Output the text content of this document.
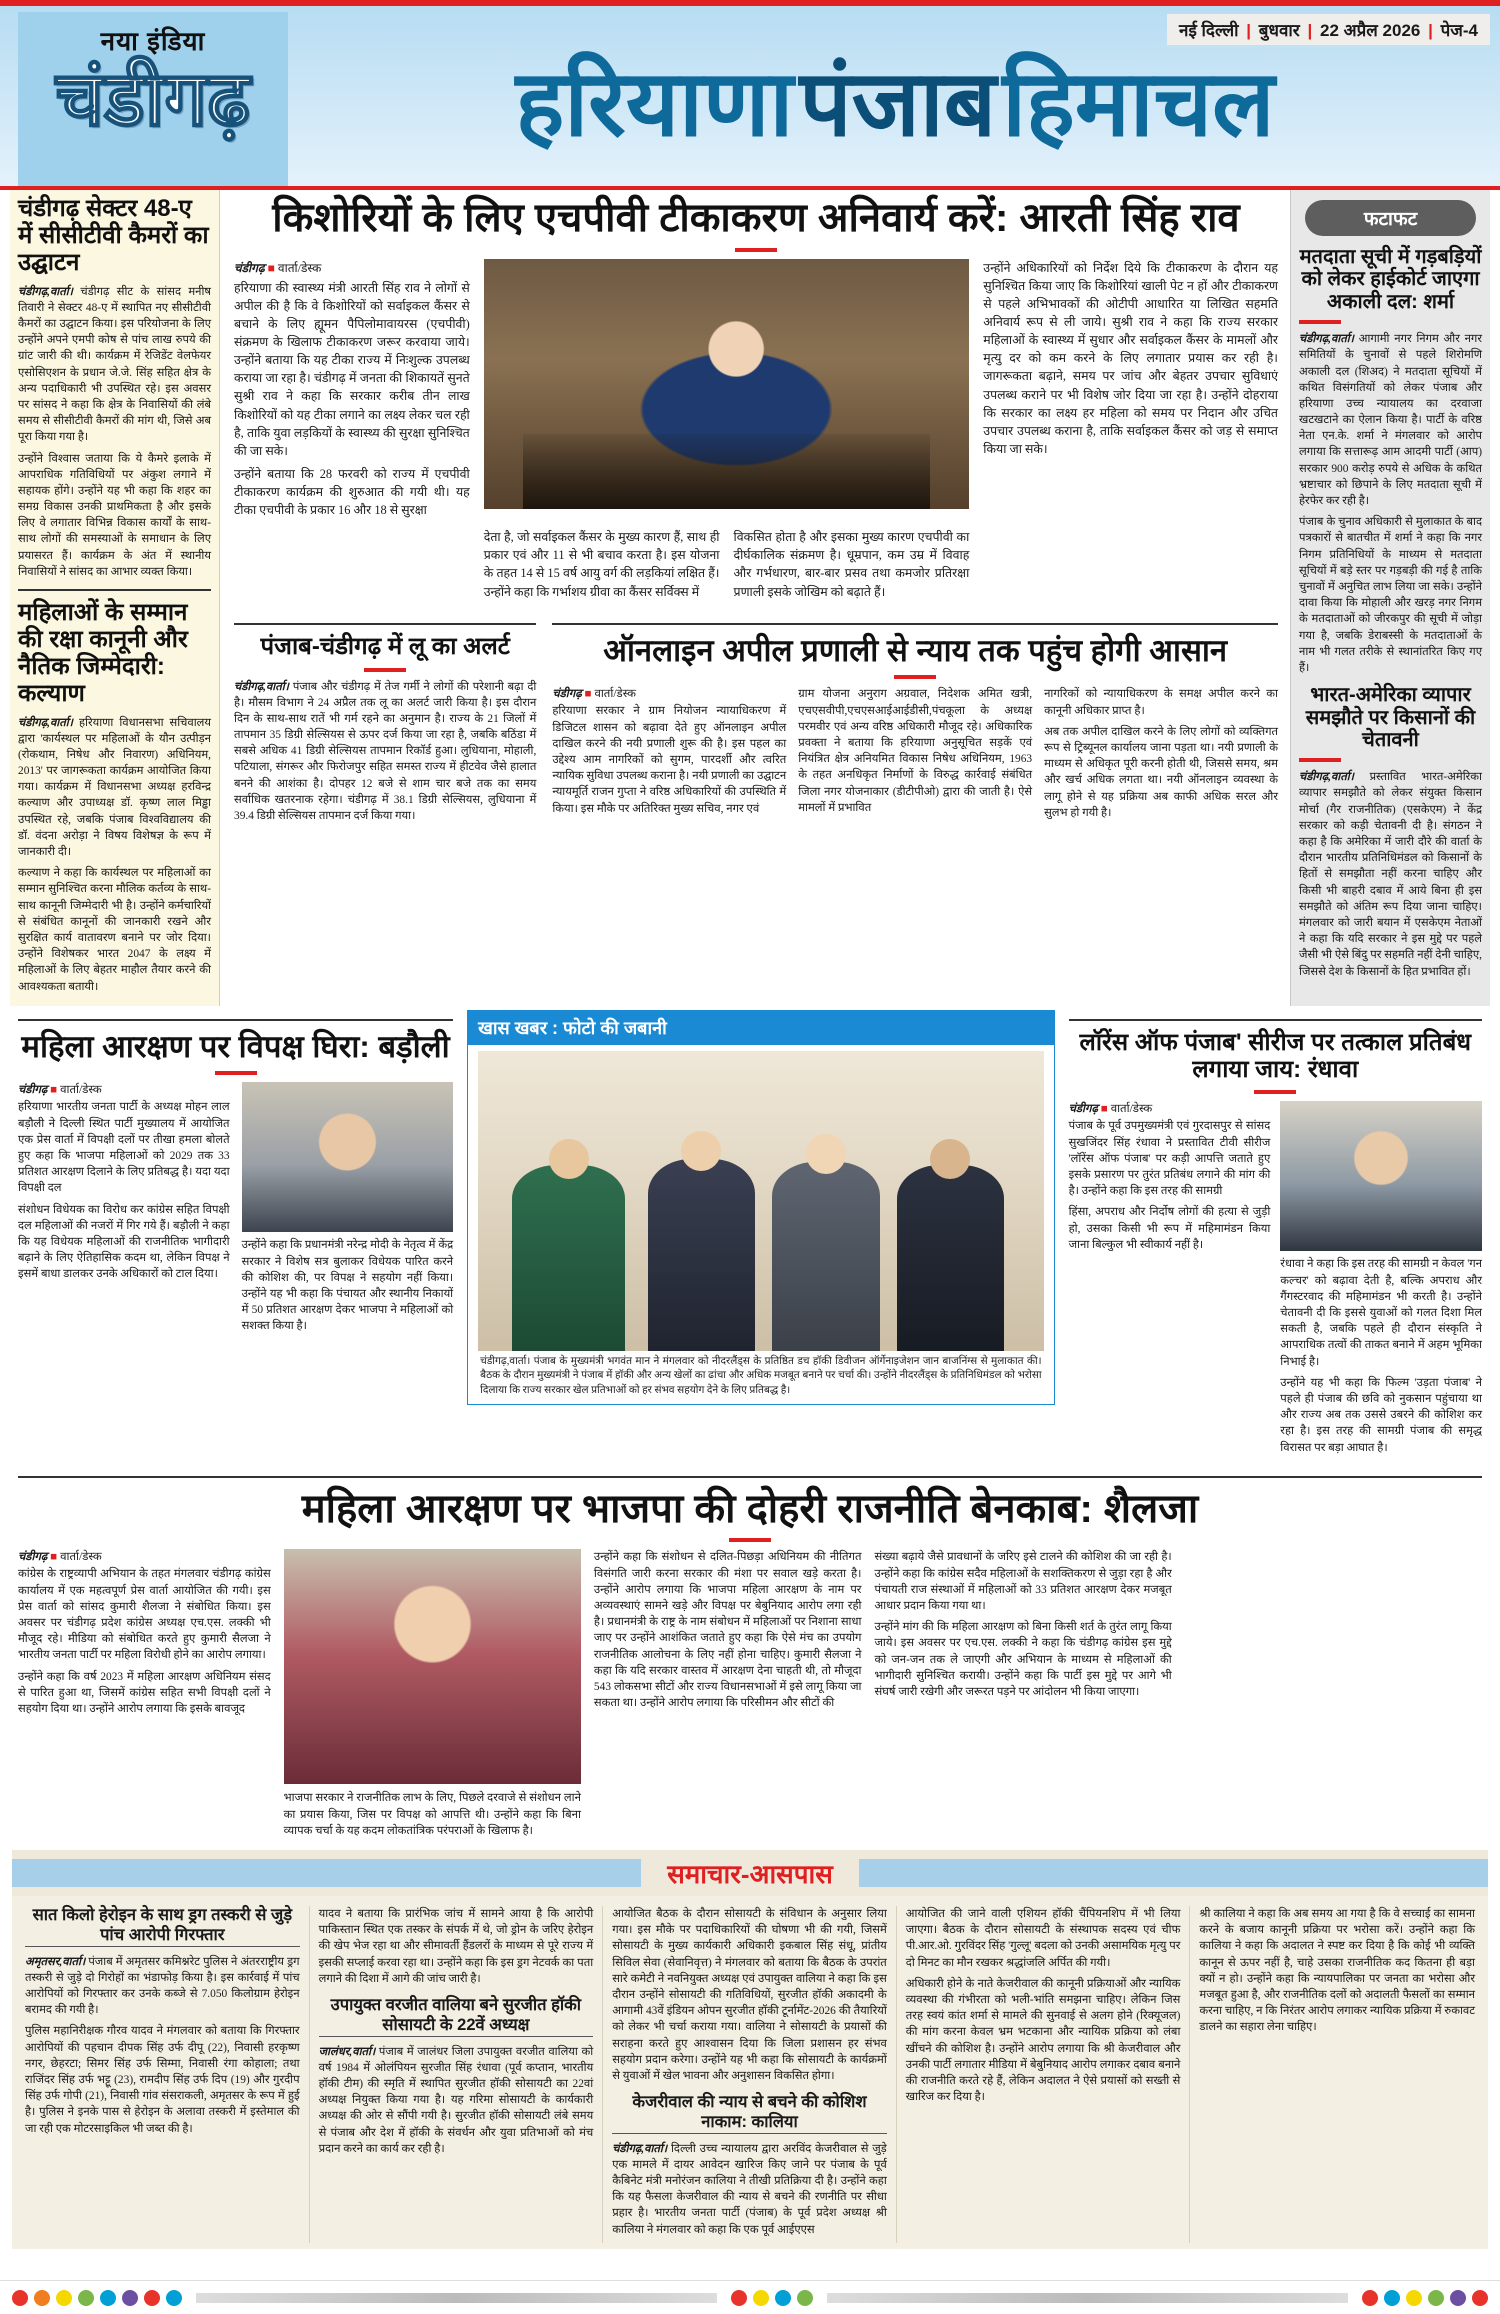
नई दिल्ली | बुधवार | 22 अप्रैल 2026 | पेज-4
नया इंडिया
चंडीगढ़	हरियाणा पंजाब हिमाचल
चंडीगढ़ सेक्टर 48-ए में सीसीटीवी कैमरों का उद्घाटन

चंडीगढ़,वार्ता। चंडीगढ़ सीट के सांसद मनीष तिवारी ने सेक्टर 48-ए में स्थापित नए सीसीटीवी कैमरों का उद्घाटन किया। इस परियोजना के लिए उन्होंने अपने एमपी कोष से पांच लाख रुपये की ग्रांट जारी की थी। कार्यक्रम में रेजिडेंट वेलफेयर एसोसिएशन के प्रधान जे.जे. सिंह सहित क्षेत्र के अन्य पदाधिकारी भी उपस्थित रहे। इस अवसर पर सांसद ने कहा कि क्षेत्र के निवासियों की लंबे समय से सीसीटीवी कैमरों की मांग थी, जिसे अब पूरा किया गया है।

उन्होंने विश्वास जताया कि ये कैमरे इलाके में आपराधिक गतिविधियों पर अंकुश लगाने में सहायक होंगे। उन्होंने यह भी कहा कि शहर का समग्र विकास उनकी प्राथमिकता है और इसके लिए वे लगातार विभिन्न विकास कार्यों के साथ-साथ लोगों की समस्याओं के समाधान के लिए प्रयासरत हैं। कार्यक्रम के अंत में स्थानीय निवासियों ने सांसद का आभार व्यक्त किया।

महिलाओं के सम्मान की रक्षा कानूनी और नैतिक जिम्मेदारी: कल्याण

चंडीगढ़,वार्ता। हरियाणा विधानसभा सचिवालय द्वारा 'कार्यस्थल पर महिलाओं के यौन उत्पीड़न (रोकथाम, निषेध और निवारण) अधिनियम, 2013' पर जागरूकता कार्यक्रम आयोजित किया गया। कार्यक्रम में विधानसभा अध्यक्ष हरविन्द्र कल्याण और उपाध्यक्ष डॉ. कृष्ण लाल मिड्ढा उपस्थित रहे, जबकि पंजाब विश्वविद्यालय की डॉ. वंदना अरोड़ा ने विषय विशेषज्ञ के रूप में जानकारी दी।

कल्याण ने कहा कि कार्यस्थल पर महिलाओं का सम्मान सुनिश्चित करना मौलिक कर्तव्य के साथ-साथ कानूनी जिम्मेदारी भी है। उन्होंने कर्मचारियों से संबंधित कानूनों की जानकारी रखने और सुरक्षित कार्य वातावरण बनाने पर जोर दिया। उन्होंने विशेषकर भारत 2047 के लक्ष्य में महिलाओं के लिए बेहतर माहौल तैयार करने की आवश्यकता बतायी।

किशोरियों के लिए एचपीवी टीकाकरण अनिवार्य करें: आरती सिंह राव
चंडीगढ़ ■ वार्ता/डेस्क

हरियाणा की स्वास्थ्य मंत्री आरती सिंह राव ने लोगों से अपील की है कि वे किशोरियों को सर्वाइकल कैंसर से बचाने के लिए ह्यूमन पैपिलोमावायरस (एचपीवी) संक्रमण के खिलाफ टीकाकरण जरूर करवाया जाये। उन्होंने बताया कि यह टीका राज्य में निःशुल्क उपलब्ध कराया जा रहा है। चंडीगढ़ में जनता की शिकायतें सुनते सुश्री राव ने कहा कि सरकार करीब तीन लाख किशोरियों को यह टीका लगाने का लक्ष्य लेकर चल रही है, ताकि युवा लड़कियों के स्वास्थ्य की सुरक्षा सुनिश्चित की जा सके।

उन्होंने बताया कि 28 फरवरी को राज्य में एचपीवी टीकाकरण कार्यक्रम की शुरुआत की गयी थी। यह टीका एचपीवी के प्रकार 16 और 18 से सुरक्षा

उन्होंने अधिकारियों को निर्देश दिये कि टीकाकरण के दौरान यह सुनिश्चित किया जाए कि किशोरियां खाली पेट न हों और टीकाकरण से पहले अभिभावकों की ओटीपी आधारित या लिखित सहमति अनिवार्य रूप से ली जाये। सुश्री राव ने कहा कि राज्य सरकार महिलाओं के स्वास्थ्य में सुधार और सर्वाइकल कैंसर के मामलों और मृत्यु दर को कम करने के लिए लगातार प्रयास कर रही है। जागरूकता बढ़ाने, समय पर जांच और बेहतर उपचार सुविधाएं उपलब्ध कराने पर भी विशेष जोर दिया जा रहा है। उन्होंने दोहराया कि सरकार का लक्ष्य हर महिला को समय पर निदान और उचित उपचार उपलब्ध कराना है, ताकि सर्वाइकल कैंसर को जड़ से समाप्त किया जा सके।

देता है, जो सर्वाइकल कैंसर के मुख्य कारण हैं, साथ ही प्रकार एवं और 11 से भी बचाव करता है। इस योजना के तहत 14 से 15 वर्ष आयु वर्ग की लड़कियां लक्षित हैं। उन्होंने कहा कि गर्भाशय ग्रीवा का कैंसर सर्विक्स में

विकसित होता है और इसका मुख्य कारण एचपीवी का दीर्घकालिक संक्रमण है। धूम्रपान, कम उम्र में विवाह और गर्भधारण, बार-बार प्रसव तथा कमजोर प्रतिरक्षा प्रणाली इसके जोखिम को बढ़ाते हैं।

पंजाब-चंडीगढ़ में लू का अलर्ट

चंडीगढ़,वार्ता। पंजाब और चंडीगढ़ में तेज गर्मी ने लोगों की परेशानी बढ़ा दी है। मौसम विभाग ने 24 अप्रैल तक लू का अलर्ट जारी किया है। इस दौरान दिन के साथ-साथ रातें भी गर्म रहने का अनुमान है। राज्य के 21 जिलों में तापमान 35 डिग्री सेल्सियस से ऊपर दर्ज किया जा रहा है, जबकि बठिंडा में सबसे अधिक 41 डिग्री सेल्सियस तापमान रिकॉर्ड हुआ। लुधियाना, मोहाली, पटियाला, संगरूर और फिरोजपुर सहित समस्त राज्य में हीटवेव जैसे हालात बनने की आशंका है। दोपहर 12 बजे से शाम चार बजे तक का समय सर्वाधिक खतरनाक रहेगा। चंडीगढ़ में 38.1 डिग्री सेल्सियस, लुधियाना में 39.4 डिग्री सेल्सियस तापमान दर्ज किया गया।

ऑनलाइन अपील प्रणाली से न्याय तक पहुंच होगी आसान
चंडीगढ़ ■ वार्ता/डेस्क

हरियाणा सरकार ने ग्राम नियोजन न्यायाधिकरण में डिजिटल शासन को बढ़ावा देते हुए ऑनलाइन अपील दाखिल करने की नयी प्रणाली शुरू की है। इस पहल का उद्देश्य आम नागरिकों को सुगम, पारदर्शी और त्वरित न्यायिक सुविधा उपलब्ध कराना है। नयी प्रणाली का उद्घाटन न्यायमूर्ति राजन गुप्ता ने वरिष्ठ अधिकारियों की उपस्थिति में किया। इस मौके पर अतिरिक्त मुख्य सचिव, नगर एवं

ग्राम योजना अनुराग अग्रवाल, निदेशक अमित खत्री, एचएसवीपी,एचएसआईआईडीसी,पंचकूला के अध्यक्ष परमवीर एवं अन्य वरिष्ठ अधिकारी मौजूद रहे। अधिकारिक प्रवक्ता ने बताया कि हरियाणा अनुसूचित सड़कें एवं नियंत्रित क्षेत्र अनियमित विकास निषेध अधिनियम, 1963 के तहत अनधिकृत निर्माणों के विरुद्ध कार्रवाई संबंधित जिला नगर योजनाकार (डीटीपीओ) द्वारा की जाती है। ऐसे मामलों में प्रभावित

नागरिकों को न्यायाधिकरण के समक्ष अपील करने का कानूनी अधिकार प्राप्त है।

अब तक अपील दाखिल करने के लिए लोगों को व्यक्तिगत रूप से ट्रिब्यूनल कार्यालय जाना पड़ता था। नयी प्रणाली के माध्यम से अधिकृत पूरी करनी होती थी, जिससे समय, श्रम और खर्च अधिक लगता था। नयी ऑनलाइन व्यवस्था के लागू होने से यह प्रक्रिया अब काफी अधिक सरल और सुलभ हो गयी है।

फटाफट
मतदाता सूची में गड़बड़ियों को लेकर हाईकोर्ट जाएगा अकाली दल: शर्मा

चंडीगढ़,वार्ता। आगामी नगर निगम और नगर समितियों के चुनावों से पहले शिरोमणि अकाली दल (शिअद) ने मतदाता सूचियों में कथित विसंगतियों को लेकर पंजाब और हरियाणा उच्च न्यायालय का दरवाजा खटखटाने का ऐलान किया है। पार्टी के वरिष्ठ नेता एन.के. शर्मा ने मंगलवार को आरोप लगाया कि सत्तारूढ़ आम आदमी पार्टी (आप) सरकार 900 करोड़ रुपये से अधिक के कथित भ्रष्टाचार को छिपाने के लिए मतदाता सूची में हेरफेर कर रही है।

पंजाब के चुनाव अधिकारी से मुलाकात के बाद पत्रकारों से बातचीत में शर्मा ने कहा कि नगर निगम प्रतिनिधियों के माध्यम से मतदाता सूचियों में बड़े स्तर पर गड़बड़ी की गई है ताकि चुनावों में अनुचित लाभ लिया जा सके। उन्होंने दावा किया कि मोहाली और खरड़ नगर निगम के मतदाताओं को जीरकपुर की सूची में जोड़ा गया है, जबकि डेराबस्सी के मतदाताओं के नाम भी गलत तरीके से स्थानांतरित किए गए हैं।

भारत-अमेरिका व्यापार समझौते पर किसानों की चेतावनी

चंडीगढ़,वार्ता। प्रस्तावित भारत-अमेरिका व्यापार समझौते को लेकर संयुक्त किसान मोर्चा (गैर राजनीतिक) (एसकेएम) ने केंद्र सरकार को कड़ी चेतावनी दी है। संगठन ने कहा है कि अमेरिका में जारी दौरे की वार्ता के दौरान भारतीय प्रतिनिधिमंडल को किसानों के हितों से समझौता नहीं करना चाहिए और किसी भी बाहरी दबाव में आये बिना ही इस समझौते को अंतिम रूप दिया जाना चाहिए। मंगलवार को जारी बयान में एसकेएम नेताओं ने कहा कि यदि सरकार ने इस मुद्दे पर पहले जैसी भी ऐसे बिंदु पर सहमति नहीं देनी चाहिए, जिससे देश के किसानों के हित प्रभावित हों।

महिला आरक्षण पर विपक्ष घिरा: बड़ौली
चंडीगढ़ ■ वार्ता/डेस्क

हरियाणा भारतीय जनता पार्टी के अध्यक्ष मोहन लाल बड़ौली ने दिल्ली स्थित पार्टी मुख्यालय में आयोजित एक प्रेस वार्ता में विपक्षी दलों पर तीखा हमला बोलते हुए कहा कि भाजपा महिलाओं को 2029 तक 33 प्रतिशत आरक्षण दिलाने के लिए प्रतिबद्ध है। यदा यदा विपक्षी दल

संशोधन विधेयक का विरोध कर कांग्रेस सहित विपक्षी दल महिलाओं की नजरों में गिर गये हैं। बड़ौली ने कहा कि यह विधेयक महिलाओं की राजनीतिक भागीदारी बढ़ाने के लिए ऐतिहासिक कदम था, लेकिन विपक्ष ने इसमें बाधा डालकर उनके अधिकारों को टाल दिया।

उन्होंने कहा कि प्रधानमंत्री नरेन्द्र मोदी के नेतृत्व में केंद्र सरकार ने विशेष सत्र बुलाकर विधेयक पारित करने की कोशिश की, पर विपक्ष ने सहयोग नहीं किया। उन्होंने यह भी कहा कि पंचायत और स्थानीय निकायों में 50 प्रतिशत आरक्षण देकर भाजपा ने महिलाओं को सशक्त किया है।

खास खबर : फोटो की जबानी

चंडीगढ़,वार्ता। पंजाब के मुख्यमंत्री भगवंत मान ने मंगलवार को नीदरलैंड्स के प्रतिष्ठित डच हॉकी डिवीजन ऑर्गेनाइजेशन जान बाजनिंग्स से मुलाकात की। बैठक के दौरान मुख्यमंत्री ने पंजाब में हॉकी और अन्य खेलों का ढांचा और अधिक मजबूत बनाने पर चर्चा की। उन्होंने नीदरलैंड्स के प्रतिनिधिमंडल को भरोसा दिलाया कि राज्य सरकार खेल प्रतिभाओं को हर संभव सहयोग देने के लिए प्रतिबद्ध है।

लॉरेंस ऑफ पंजाब' सीरीज पर तत्काल प्रतिबंध लगाया जाय: रंधावा
चंडीगढ़ ■ वार्ता/डेस्क

पंजाब के पूर्व उपमुख्यमंत्री एवं गुरदासपुर से सांसद सुखजिंदर सिंह रंधावा ने प्रस्तावित टीवी सीरीज 'लॉरेंस ऑफ पंजाब' पर कड़ी आपत्ति जताते हुए इसके प्रसारण पर तुरंत प्रतिबंध लगाने की मांग की है। उन्होंने कहा कि इस तरह की सामग्री

हिंसा, अपराध और निर्दोष लोगों की हत्या से जुड़ी हो, उसका किसी भी रूप में महिमामंडन किया जाना बिल्कुल भी स्वीकार्य नहीं है।

रंधावा ने कहा कि इस तरह की सामग्री न केवल 'गन कल्चर' को बढ़ावा देती है, बल्कि अपराध और गैंगस्टरवाद की महिमामंडन भी करती है। उन्होंने चेतावनी दी कि इससे युवाओं को गलत दिशा मिल सकती है, जबकि पहले ही दौरान संस्कृति ने आपराधिक तत्वों की ताकत बनाने में अहम भूमिका निभाई है।

उन्होंने यह भी कहा कि फिल्म 'उड़ता पंजाब' ने पहले ही पंजाब की छवि को नुकसान पहुंचाया था और राज्य अब तक उससे उबरने की कोशिश कर रहा है। इस तरह की सामग्री पंजाब की समृद्ध विरासत पर बड़ा आघात है।

महिला आरक्षण पर भाजपा की दोहरी राजनीति बेनकाब: शैलजा
चंडीगढ़ ■ वार्ता/डेस्क

कांग्रेस के राष्ट्रव्यापी अभियान के तहत मंगलवार चंडीगढ़ कांग्रेस कार्यालय में एक महत्वपूर्ण प्रेस वार्ता आयोजित की गयी। इस प्रेस वार्ता को सांसद कुमारी शैलजा ने संबोधित किया। इस अवसर पर चंडीगढ़ प्रदेश कांग्रेस अध्यक्ष एच.एस. लक्की भी मौजूद रहे। मीडिया को संबोधित करते हुए कुमारी सैलजा ने भारतीय जनता पार्टी पर महिला विरोधी होने का आरोप लगाया।

उन्होंने कहा कि वर्ष 2023 में महिला आरक्षण अधिनियम संसद से पारित हुआ था, जिसमें कांग्रेस सहित सभी विपक्षी दलों ने सहयोग दिया था। उन्होंने आरोप लगाया कि इसके बावजूद

भाजपा सरकार ने राजनीतिक लाभ के लिए, पिछले दरवाजे से संशोधन लाने का प्रयास किया, जिस पर विपक्ष को आपत्ति थी। उन्होंने कहा कि बिना व्यापक चर्चा के यह कदम लोकतांत्रिक परंपराओं के खिलाफ है।

उन्होंने कहा कि संशोधन से दलित-पिछड़ा अधिनियम की नीतिगत विसंगति जारी करना सरकार की मंशा पर सवाल खड़े करता है। उन्होंने आरोप लगाया कि भाजपा महिला आरक्षण के नाम पर अव्यवस्थाएं सामने खड़े और विपक्ष पर बेबुनियाद आरोप लगा रही है। प्रधानमंत्री के राष्ट्र के नाम संबोधन में महिलाओं पर निशाना साधा जाए पर उन्होंने आशंकित जताते हुए कहा कि ऐसे मंच का उपयोग राजनीतिक आलोचना के लिए नहीं होना चाहिए। कुमारी सैलजा ने कहा कि यदि सरकार वास्तव में आरक्षण देना चाहती थी, तो मौजूदा 543 लोकसभा सीटों और राज्य विधानसभाओं में इसे लागू किया जा सकता था। उन्होंने आरोप लगाया कि परिसीमन और सीटों की

संख्या बढ़ाये जैसे प्रावधानों के जरिए इसे टालने की कोशिश की जा रही है। उन्होंने कहा कि कांग्रेस सदैव महिलाओं के सशक्तिकरण से जुड़ा रहा है और पंचायती राज संस्थाओं में महिलाओं को 33 प्रतिशत आरक्षण देकर मजबूत आधार प्रदान किया गया था।

उन्होंने मांग की कि महिला आरक्षण को बिना किसी शर्त के तुरंत लागू किया जाये। इस अवसर पर एच.एस. लक्की ने कहा कि चंडीगढ़ कांग्रेस इस मुद्दे को जन-जन तक ले जाएगी और अभियान के माध्यम से महिलाओं की भागीदारी सुनिश्चित करायी। उन्होंने कहा कि पार्टी इस मुद्दे पर आगे भी संघर्ष जारी रखेगी और जरूरत पड़ने पर आंदोलन भी किया जाएगा।

समाचार-आसपास
सात किलो हेरोइन के साथ ड्रग तस्करी से जुड़े पांच आरोपी गिरफ्तार

अमृतसर,वार्ता। पंजाब में अमृतसर कमिश्नरेट पुलिस ने अंतरराष्ट्रीय ड्रग तस्करी से जुड़े दो गिरोहों का भंडाफोड़ किया है। इस कार्रवाई में पांच आरोपियों को गिरफ्तार कर उनके कब्जे से 7.050 किलोग्राम हेरोइन बरामद की गयी है।

पुलिस महानिरीक्षक गौरव यादव ने मंगलवार को बताया कि गिरफ्तार आरोपियों की पहचान दीपक सिंह उर्फ दीपू (22), निवासी हरकृष्ण नगर, छेहरटा; सिमर सिंह उर्फ सिम्मा, निवासी रंगा कोहाला; तथा राजिंदर सिंह उर्फ भट्टू (23), रामदीप सिंह उर्फ दिप (19) और गुरदीप सिंह उर्फ गोपी (21), निवासी गांव संसराकली, अमृतसर के रूप में हुई है। पुलिस ने इनके पास से हेरोइन के अलावा तस्करी में इस्तेमाल की जा रही एक मोटरसाइकिल भी जब्त की है।

यादव ने बताया कि प्रारंभिक जांच में सामने आया है कि आरोपी पाकिस्तान स्थित एक तस्कर के संपर्क में थे, जो ड्रोन के जरिए हेरोइन की खेप भेज रहा था और सीमावर्ती हैंडलरों के माध्यम से पूरे राज्य में इसकी सप्लाई करवा रहा था। उन्होंने कहा कि इस ड्रग नेटवर्क का पता लगाने की दिशा में आगे की जांच जारी है।

उपायुक्त वरजीत वालिया बने सुरजीत हॉकी सोसायटी के 22वें अध्यक्ष

जालंधर,वार्ता। पंजाब में जालंधर जिला उपायुक्त वरजीत वालिया को वर्ष 1984 में ओलंपियन सुरजीत सिंह रंधावा (पूर्व कप्तान, भारतीय हॉकी टीम) की स्मृति में स्थापित सुरजीत हॉकी सोसायटी का 22वां अध्यक्ष नियुक्त किया गया है। यह गरिमा सोसायटी के कार्यकारी अध्यक्ष की ओर से सौंपी गयी है। सुरजीत हॉकी सोसायटी लंबे समय से पंजाब और देश में हॉकी के संवर्धन और युवा प्रतिभाओं को मंच प्रदान करने का कार्य कर रही है।

आयोजित बैठक के दौरान सोसायटी के संविधान के अनुसार लिया गया। इस मौके पर पदाधिकारियों की घोषणा भी की गयी, जिसमें सोसायटी के मुख्य कार्यकारी अधिकारी इकबाल सिंह संधू, प्रांतीय सिविल सेवा (सेवानिवृत्त) ने मंगलवार को बताया कि बैठक के उपरांत सारे कमेटी ने नवनियुक्त अध्यक्ष एवं उपायुक्त वालिया ने कहा कि इस दौरान उन्होंने सोसायटी की गतिविधियों, सुरजीत हॉकी अकादमी के आगामी 43वें इंडियन ओपन सुरजीत हॉकी टूर्नामेंट-2026 की तैयारियों को लेकर भी चर्चा कराया गया। वालिया ने सोसायटी के प्रयासों की सराहना करते हुए आश्वासन दिया कि जिला प्रशासन हर संभव सहयोग प्रदान करेगा। उन्होंने यह भी कहा कि सोसायटी के कार्यक्रमों से युवाओं में खेल भावना और अनुशासन विकसित होगा।

केजरीवाल की न्याय से बचने की कोशिश नाकाम: कालिया

चंडीगढ़,वार्ता। दिल्ली उच्च न्यायालय द्वारा अरविंद केजरीवाल से जुड़े एक मामले में दायर आवेदन खारिज किए जाने पर पंजाब के पूर्व कैबिनेट मंत्री मनोरंजन कालिया ने तीखी प्रतिक्रिया दी है। उन्होंने कहा कि यह फैसला केजरीवाल की न्याय से बचने की रणनीति पर सीधा प्रहार है। भारतीय जनता पार्टी (पंजाब) के पूर्व प्रदेश अध्यक्ष श्री कालिया ने मंगलवार को कहा कि एक पूर्व आईएएस

आयोजित की जाने वाली एशियन हॉकी चैंपियनशिप में भी लिया जाएगा। बैठक के दौरान सोसायटी के संस्थापक सदस्य एवं चीफ पी.आर.ओ. गुरविंदर सिंह 'गुल्लू' बदला को उनकी असामयिक मृत्यु पर दो मिनट का मौन रखकर श्रद्धांजलि अर्पित की गयी।

अधिकारी होने के नाते केजरीवाल की कानूनी प्रक्रियाओं और न्यायिक व्यवस्था की गंभीरता को भली-भांति समझना चाहिए। लेकिन जिस तरह स्वयं कांत शर्मा से मामले की सुनवाई से अलग होने (रिक्यूजल) की मांग करना केवल भ्रम भटकाना और न्यायिक प्रक्रिया को लंबा खींचने की कोशिश है। उन्होंने आरोप लगाया कि श्री केजरीवाल और उनकी पार्टी लगातार मीडिया में बेबुनियाद आरोप लगाकर दबाव बनाने की राजनीति करते रहे हैं, लेकिन अदालत ने ऐसे प्रयासों को सख्ती से खारिज कर दिया है।

श्री कालिया ने कहा कि अब समय आ गया है कि वे सच्चाई का सामना करने के बजाय कानूनी प्रक्रिया पर भरोसा करें। उन्होंने कहा कि कालिया ने कहा कि अदालत ने स्पष्ट कर दिया है कि कोई भी व्यक्ति कानून से ऊपर नहीं है, चाहे उसका राजनीतिक कद कितना ही बड़ा क्यों न हो। उन्होंने कहा कि न्यायपालिका पर जनता का भरोसा और मजबूत हुआ है, और राजनीतिक दलों को अदालती फैसलों का सम्मान करना चाहिए, न कि निरंतर आरोप लगाकर न्यायिक प्रक्रिया में रुकावट डालने का सहारा लेना चाहिए।
